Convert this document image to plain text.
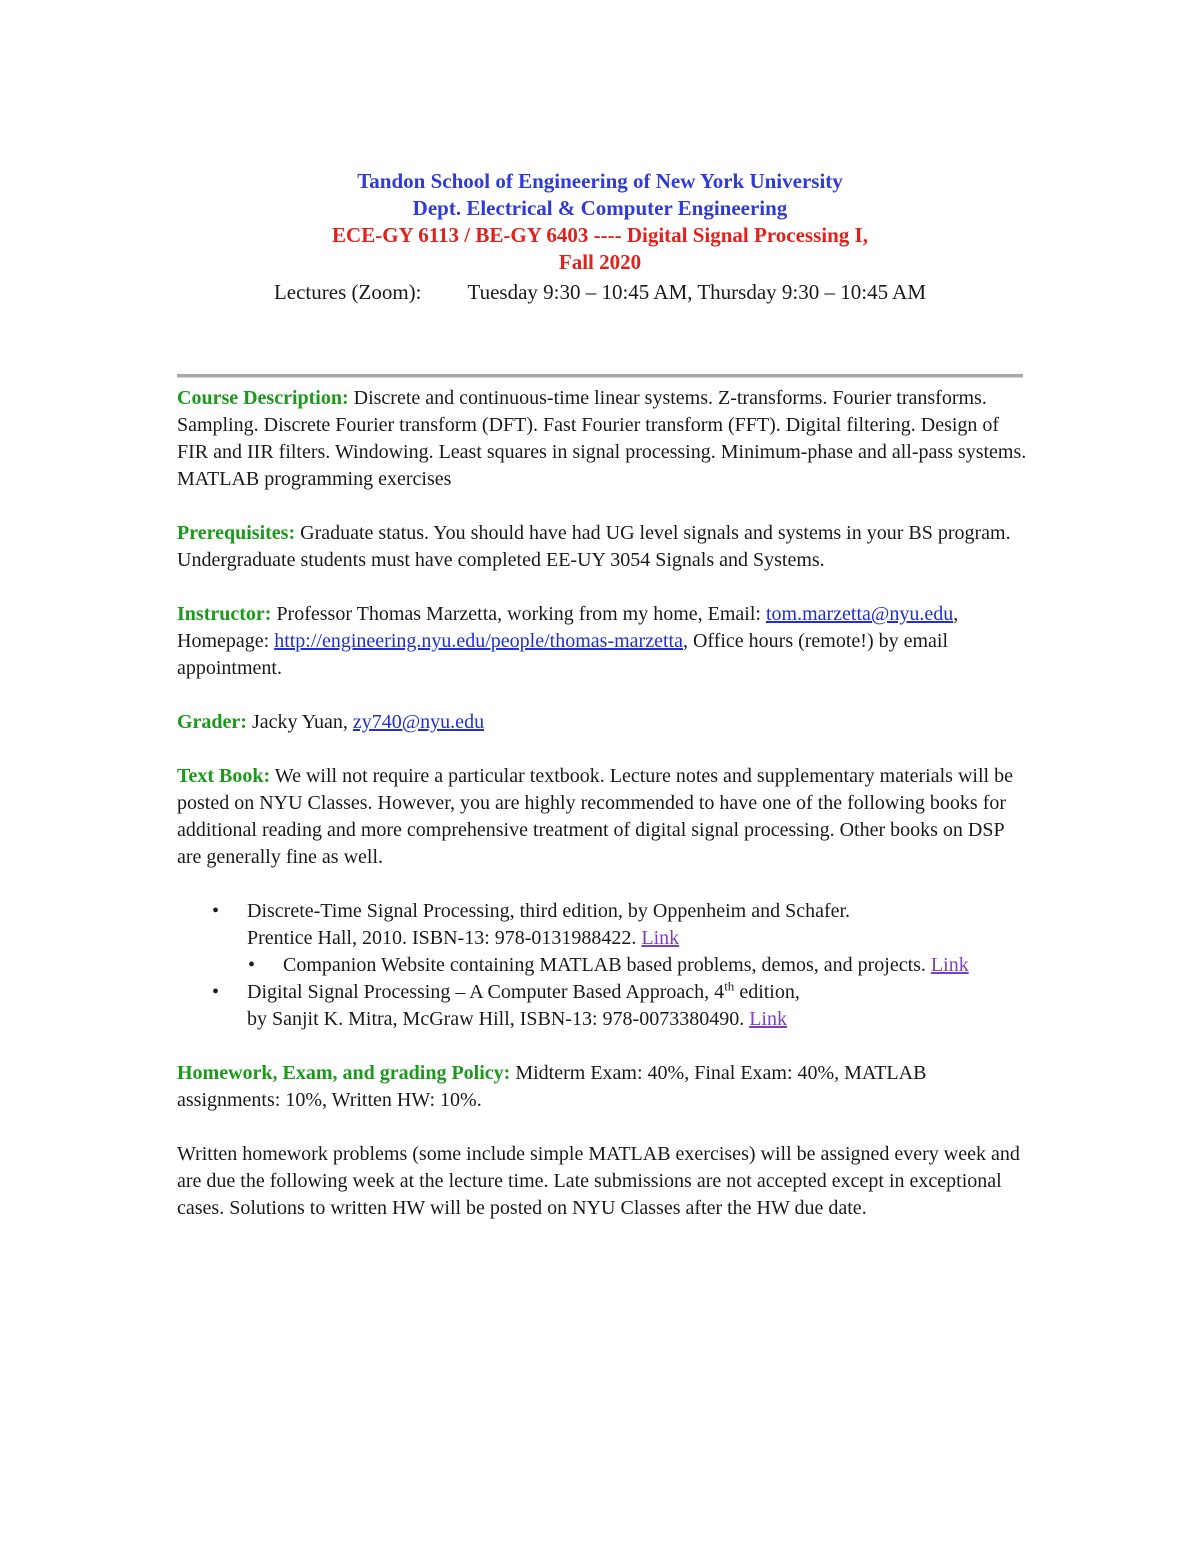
Tandon School of Engineering of New York University
Dept. Electrical & Computer Engineering
ECE-GY 6113 / BE-GY 6403 ---- Digital Signal Processing I,
Fall 2020
Lectures (Zoom): Tuesday 9:30 – 10:45 AM, Thursday 9:30 – 10:45 AM

Course Description: Discrete and continuous-time linear systems. Z-transforms. Fourier transforms. Sampling. Discrete Fourier transform (DFT). Fast Fourier transform (FFT). Digital filtering. Design of FIR and IIR filters. Windowing. Least squares in signal processing. Minimum-phase and all-pass systems. MATLAB programming exercises

Prerequisites: Graduate status. You should have had UG level signals and systems in your BS program. Undergraduate students must have completed EE-UY 3054 Signals and Systems.

Instructor: Professor Thomas Marzetta, working from my home, Email: tom.marzetta@nyu.edu, Homepage: http://engineering.nyu.edu/people/thomas-marzetta, Office hours (remote!) by email appointment.

Grader: Jacky Yuan, zy740@nyu.edu

Text Book: We will not require a particular textbook. Lecture notes and supplementary materials will be posted on NYU Classes. However, you are highly recommended to have one of the following books for additional reading and more comprehensive treatment of digital signal processing. Other books on DSP are generally fine as well.

• Discrete-Time Signal Processing, third edition, by Oppenheim and Schafer.
Prentice Hall, 2010. ISBN-13: 978-0131988422. Link
• Companion Website containing MATLAB based problems, demos, and projects. Link
• Digital Signal Processing – A Computer Based Approach, 4th edition,
by Sanjit K. Mitra, McGraw Hill, ISBN-13: 978-0073380490. Link

Homework, Exam, and grading Policy: Midterm Exam: 40%, Final Exam: 40%, MATLAB assignments: 10%, Written HW: 10%.

Written homework problems (some include simple MATLAB exercises) will be assigned every week and are due the following week at the lecture time. Late submissions are not accepted except in exceptional cases. Solutions to written HW will be posted on NYU Classes after the HW due date.
